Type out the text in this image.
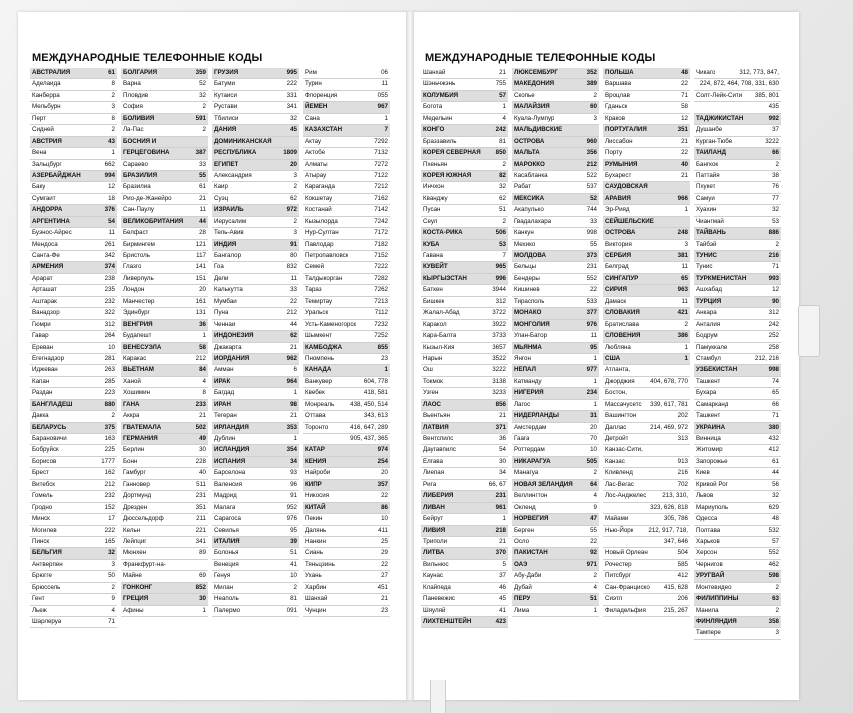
МЕЖДУНАРОДНЫЕ ТЕЛЕФОННЫЕ КОДЫ
АВСТРАЛИЯ	61
Аделаида	8
Канберра	2
Мельбурн	3
Перт	8
Сидней	2
АВСТРИЯ	43
Вена	1
Зальцбург	662
АЗЕРБАЙДЖАН	994
Баку	12
Сумгаит	18
АНДОРРА	376
АРГЕНТИНА	54
Буэнос-Айрес	11
Мендоса	261
Санта-Фе	342
АРМЕНИЯ	374
Арарат	238
Арташат	235
Аштарак	232
Ванадзор	322
Гюмри	312
Гавар	264
Ереван	10
Егегнадзор	281
Иджеван	263
Капан	285
Раздан	223
БАНГЛАДЕШ	880
Дакка	2
БЕЛАРУСЬ	375
Барановичи	163
Бобруйск	225
Борисов	1777
Брест	162
Витебск	212
Гомель	232
Гродно	152
Минск	17
Могилев	222
Пинск	165
БЕЛЬГИЯ	32
Антверпен	3
Брюгге	50
Брюссель	2
Гент	9
Льеж	4
Шарлеруа	71
БОЛГАРИЯ	359
Варна	52
Пловдив	32
София	2
БОЛИВИЯ	591
Ла-Пас	2
БОСНИЯ И
ГЕРЦЕГОВИНА	387
Сараево	33
БРАЗИЛИЯ	55
Бразилиа	61
Рио-де-Жанейро	21
Сан-Паулу	11
ВЕЛИКОБРИТАНИЯ	44
Белфаст	28
Бирмингем	121
Бристоль	117
Глазго	141
Ливерпуль	151
Лондон	20
Манчестер	161
Эдинбург	131
ВЕНГРИЯ	36
Будапешт	1
ВЕНЕСУЭЛА	58
Каракас	212
ВЬЕТНАМ	84
Ханой	4
Хошимин	8
ГАНА	233
Аккра	21
ГВАТЕМАЛА	502
ГЕРМАНИЯ	49
Берлин	30
Бонн	228
Гамбург	40
Ганновер	511
Дортмунд	231
Дрезден	351
Дюссельдорф	211
Кельн	221
Лейпциг	341
Мюнхен	89
Франкфурт-на-
Майне	69
ГОНКОНГ	852
ГРЕЦИЯ	30
Афины	1
ГРУЗИЯ	995
Батуми	222
Кутаиси	331
Рустави	341
Тбилиси	32
ДАНИЯ	45
ДОМИНИКАНСКАЯ
РЕСПУБЛИКА	1809
ЕГИПЕТ	20
Александрия	3
Каир	2
Суэц	62
ИЗРАИЛЬ	972
Иерусалим	2
Тель-Авив	3
ИНДИЯ	91
Бангалор	80
Гоа	832
Дели	11
Калькутта	33
Мумбаи	22
Пуна	212
Ченнаи	44
ИНДОНЕЗИЯ	62
Джакарта	21
ИОРДАНИЯ	962
Амман	6
ИРАК	964
Багдад	1
ИРАН	98
Тегеран	21
ИРЛАНДИЯ	353
Дублин	1
ИСЛАНДИЯ	354
ИСПАНИЯ	34
Барселона	93
Валенсия	96
Мадрид	91
Малага	952
Сарагоса	976
Севилья	95
ИТАЛИЯ	39
Болонья	51
Венеция	41
Генуя	10
Милан	2
Неаполь	81
Палермо	091
Рим	06
Турин	11
Флоренция	055
ЙЕМЕН	967
Сана	1
КАЗАХСТАН	7
Актау	7292
Актобе	7132
Алматы	7272
Атырау	7122
Караганда	7212
Кокшетау	7162
Костанай	7142
Кызылорда	7242
Нур-Султан	7172
Павлодар	7182
Петропавловск	7152
Семей	7222
Талдыкорган	7282
Тараз	7262
Темиртау	7213
Уральск	7112
Усть-Каменогорск	7232
Шымкент	7252
КАМБОДЖА	855
Пномпень	23
КАНАДА	1
Ванкувер	604, 778
Квебек	418, 581
Монреаль	438, 450, 514
Оттава	343, 613
Торонто	416, 647, 289
905, 437, 365
КАТАР	974
КЕНИЯ	254
Найроби	20
КИПР	357
Никосия	22
КИТАЙ	86
Пекин	10
Далянь	411
Нанкин	25
Сиань	29
Тяньцзинь	22
Ухань	27
Харбин	451
Шанхай	21
Чунцин	23
МЕЖДУНАРОДНЫЕ ТЕЛЕФОННЫЕ КОДЫ
Шанхай	21
Шэньчжэнь	755
КОЛУМБИЯ	57
Богота	1
Медельин	4
КОНГО	242
Браззавиль	81
КОРЕЯ СЕВЕРНАЯ	850
Пхеньян	2
КОРЕЯ ЮЖНАЯ	82
Инчхон	32
Кванджу	62
Пусан	51
Сеул	2
КОСТА-РИКА	506
КУБА	53
Гавана	7
КУВЕЙТ	965
КЫРГЫЗСТАН	996
Баткен	3944
Бишкек	312
Жалал-Абад	3722
Каракол	3922
Кара-Балта	3733
Кызыл-Кия	3657
Нарын	3522
Ош	3222
Токмок	3138
Узген	3233
ЛАОС	856
Вьентьян	21
ЛАТВИЯ	371
Вентспилс	36
Даугавпилс	54
Елгава	30
Лиепая	34
Рига	66, 67
ЛИБЕРИЯ	231
ЛИВАН	961
Бейрут	1
ЛИВИЯ	218
Триполи	21
ЛИТВА	370
Вильнюс	5
Каунас	37
Клайпеда	46
Паневежис	45
Шяуляй	41
ЛИХТЕНШТЕЙН	423
ЛЮКСЕМБУРГ	352
МАКЕДОНИЯ	389
Скопье	2
МАЛАЙЗИЯ	60
Куала-Лумпур	3
МАЛЬДИВСКИЕ
ОСТРОВА	960
МАЛЬТА	356
МАРОККО	212
Касабланка	522
Рабат	537
МЕКСИКА	52
Акапулько	744
Гвадалахара	33
Канкун	998
Мехико	55
МОЛДОВА	373
Бельцы	231
Бендеры	552
Кишинев	22
Тирасполь	533
МОНАКО	377
МОНГОЛИЯ	976
Улан-Батор	11
МЬЯНМА	95
Янгон	1
НЕПАЛ	977
Катманду	1
НИГЕРИЯ	234
Лагос	1
НИДЕРЛАНДЫ	31
Амстердам	20
Гаага	70
Роттердам	10
НИКАРАГУА	505
Манагуа	2
НОВАЯ ЗЕЛАНДИЯ	64
Веллингтон	4
Окленд	9
НОРВЕГИЯ	47
Берген	55
Осло	22
ПАКИСТАН	92
ОАЭ	971
Абу-Даби	2
Дубай	4
ПЕРУ	51
Лима	1
ПОЛЬША	48
Варшава	22
Вроцлав	71
Гданьск	58
Краков	12
ПОРТУГАЛИЯ	351
Лиссабон	21
Порту	22
РУМЫНИЯ	40
Бухарест	21
САУДОВСКАЯ
АРАВИЯ	966
Эр-Рияд	1
СЕЙШЕЛЬСКИЕ
ОСТРОВА	248
Виктория	3
СЕРБИЯ	381
Белград	11
СИНГАПУР	65
СИРИЯ	963
Дамаск	11
СЛОВАКИЯ	421
Братислава	2
СЛОВЕНИЯ	386
Любляна	1
США	1
Атланта,
Джорджия	404, 678, 770
Бостон,
Массачусетс	339, 617, 781
Вашингтон	202
Даллас	214, 469, 972
Детройт	313
Канзас-Сити,
Канзас	913
Кливленд	216
Лас-Вегас	702
Лос-Анджелес	213, 310,
323, 626, 818
Майами	305, 786
Нью-Йорк	212, 917, 718,
347, 646
Новый Орлеан	504
Рочестер	585
Питсбург	412
Сан-Франциско	415, 628
Сиэтл	206
Филадельфия	215, 267
Чикаго	312, 773, 847,
224, 872, 464, 708, 331, 630
Солт-Лейк-Сити	385, 801
435
ТАДЖИКИСТАН	992
Душанбе	37
Курган-Тюбе	3222
ТАИЛАНД	66
Бангкок	2
Паттайя	38
Пхукет	76
Самуи	77
Хуахин	32
Чиангмай	53
ТАЙВАНЬ	886
Тайбэй	2
ТУНИС	216
Тунис	71
ТУРКМЕНИСТАН	993
Ашхабад	12
ТУРЦИЯ	90
Анкара	312
Анталия	242
Бодрум	252
Памуккале	258
Стамбул	212, 216
УЗБЕКИСТАН	998
Ташкент	74
Бухара	65
Самарканд	66
Ташкент	71
УКРАИНА	380
Винница	432
Житомир	412
Запорожье	61
Киев	44
Кривой Рог	56
Львов	32
Мариуполь	629
Одесса	48
Полтава	532
Харьков	57
Херсон	552
Чернигов	462
УРУГВАЙ	598
Монтевидео	2
ФИЛИППИНЫ	63
Манила	2
ФИНЛЯНДИЯ	358
Тампере	3
